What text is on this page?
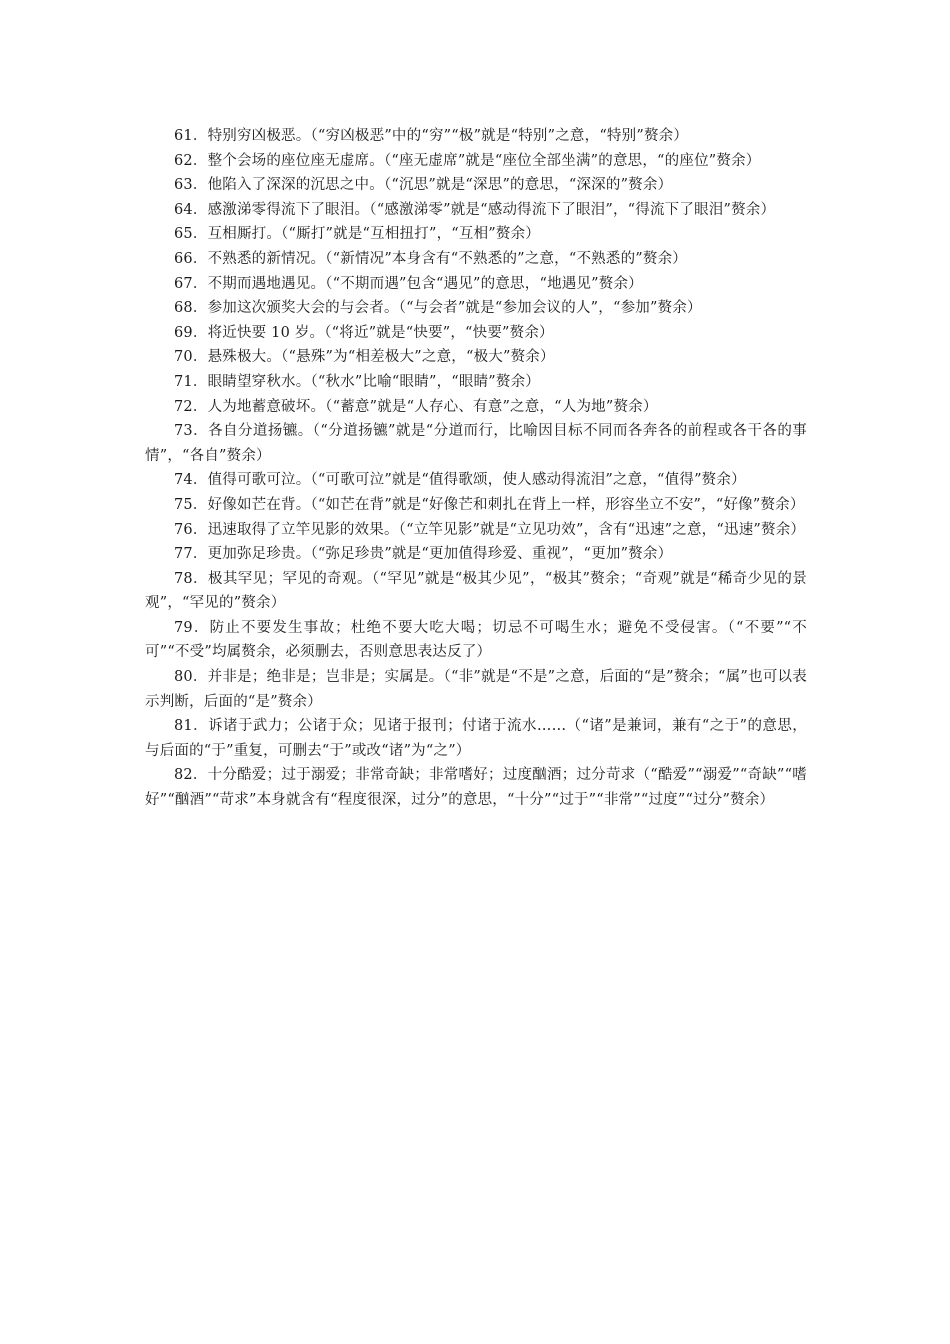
61．特别穷凶极恶。（“穷凶极恶”中的“穷”“极”就是“特别”之意，“特别”赘余）

62．整个会场的座位座无虚席。（“座无虚席”就是“座位全部坐满”的意思，“的座位”赘余）

63．他陷入了深深的沉思之中。（“沉思”就是“深思”的意思，“深深的”赘余）

64．感激涕零得流下了眼泪。（“感激涕零”就是“感动得流下了眼泪”，“得流下了眼泪”赘余）

65．互相厮打。（“厮打”就是“互相扭打”，“互相”赘余）

66．不熟悉的新情况。（“新情况”本身含有“不熟悉的”之意，“不熟悉的”赘余）

67．不期而遇地遇见。（“不期而遇”包含“遇见”的意思，“地遇见”赘余）

68．参加这次颁奖大会的与会者。（“与会者”就是“参加会议的人”，“参加”赘余）

69．将近快要 10 岁。（“将近”就是“快要”，“快要”赘余）

70．悬殊极大。（“悬殊”为“相差极大”之意，“极大”赘余）

71．眼睛望穿秋水。（“秋水”比喻“眼睛”，“眼睛”赘余）

72．人为地蓄意破坏。（“蓄意”就是“人存心、有意”之意，“人为地”赘余）

73．各自分道扬镳。（“分道扬镳”就是“分道而行，比喻因目标不同而各奔各的前程或各干各的事情”，“各自”赘余）

74．值得可歌可泣。（“可歌可泣”就是“值得歌颂，使人感动得流泪”之意，“值得”赘余）

75．好像如芒在背。（“如芒在背”就是“好像芒和刺扎在背上一样，形容坐立不安”，“好像”赘余）

76．迅速取得了立竿见影的效果。（“立竿见影”就是“立见功效”，含有“迅速”之意，“迅速”赘余）

77．更加弥足珍贵。（“弥足珍贵”就是“更加值得珍爱、重视”，“更加”赘余）

78．极其罕见；罕见的奇观。（“罕见”就是“极其少见”，“极其”赘余；“奇观”就是“稀奇少见的景观”，“罕见的”赘余）

79．防止不要发生事故；杜绝不要大吃大喝；切忌不可喝生水；避免不受侵害。（“不要”“不可”“不受”均属赘余，必须删去，否则意思表达反了）

80．并非是；绝非是；岂非是；实属是。（“非”就是“不是”之意，后面的“是”赘余；“属”也可以表示判断，后面的“是”赘余）

81．诉诸于武力；公诸于众；见诸于报刊；付诸于流水……（“诸”是兼词，兼有“之于”的意思，与后面的“于”重复，可删去“于”或改“诸”为“之”）

82．十分酷爱；过于溺爱；非常奇缺；非常嗜好；过度酗酒；过分苛求（“酷爱”“溺爱”“奇缺”“嗜好”“酗酒”“苛求”本身就含有“程度很深，过分”的意思，“十分”“过于”“非常”“过度”“过分”赘余）
